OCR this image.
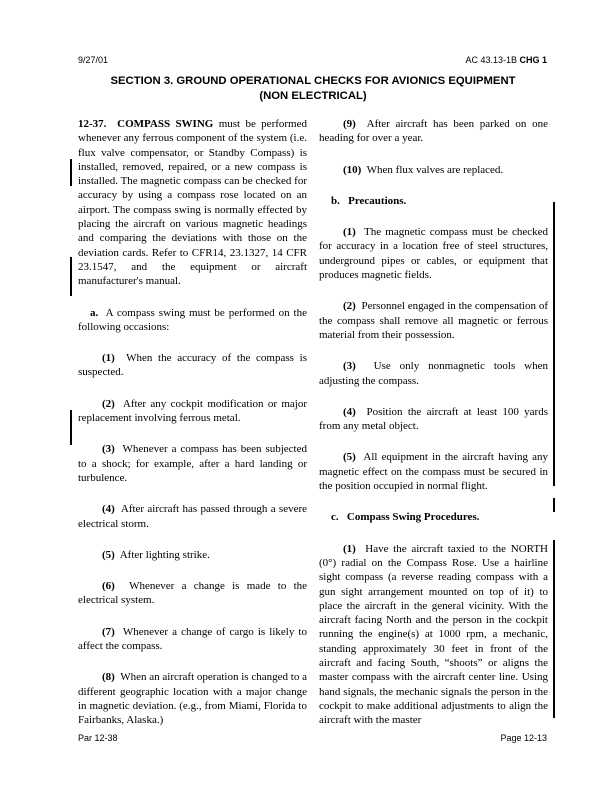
9/27/01	AC 43.13-1B CHG 1
SECTION 3. GROUND OPERATIONAL CHECKS FOR AVIONICS EQUIPMENT
(NON ELECTRICAL)

12-37. COMPASS SWING must be performed whenever any ferrous component of the system (i.e. flux valve compensator, or Standby Compass) is installed, removed, repaired, or a new compass is installed. The magnetic compass can be checked for accuracy by using a compass rose located on an airport. The compass swing is normally effected by placing the aircraft on various magnetic headings and comparing the deviations with those on the deviation cards. Refer to CFR14, 23.1327, 14 CFR 23.1547, and the equipment or aircraft manufacturer's manual.

a. A compass swing must be performed on the following occasions:

(1) When the accuracy of the compass is suspected.

(2) After any cockpit modification or major replacement involving ferrous metal.

(3) Whenever a compass has been subjected to a shock; for example, after a hard landing or turbulence.

(4) After aircraft has passed through a severe electrical storm.

(5) After lighting strike.

(6) Whenever a change is made to the electrical system.

(7) Whenever a change of cargo is likely to affect the compass.

(8) When an aircraft operation is changed to a different geographic location with a major change in magnetic deviation. (e.g., from Miami, Florida to Fairbanks, Alaska.)

(9) After aircraft has been parked on one heading for over a year.

(10) When flux valves are replaced.

b. Precautions.

(1) The magnetic compass must be checked for accuracy in a location free of steel structures, underground pipes or cables, or equipment that produces magnetic fields.

(2) Personnel engaged in the compensation of the compass shall remove all magnetic or ferrous material from their possession.

(3) Use only nonmagnetic tools when adjusting the compass.

(4) Position the aircraft at least 100 yards from any metal object.

(5) All equipment in the aircraft having any magnetic effect on the compass must be secured in the position occupied in normal flight.

c. Compass Swing Procedures.

(1) Have the aircraft taxied to the NORTH (0°) radial on the Compass Rose. Use a hairline sight compass (a reverse reading compass with a gun sight arrangement mounted on top of it) to place the aircraft in the general vicinity. With the aircraft facing North and the person in the cockpit running the engine(s) at 1000 rpm, a mechanic, standing approximately 30 feet in front of the aircraft and facing South, “shoots” or aligns the master compass with the aircraft center line. Using hand signals, the mechanic signals the person in the cockpit to make additional adjustments to align the aircraft with the master

Par 12-38	Page 12-13
